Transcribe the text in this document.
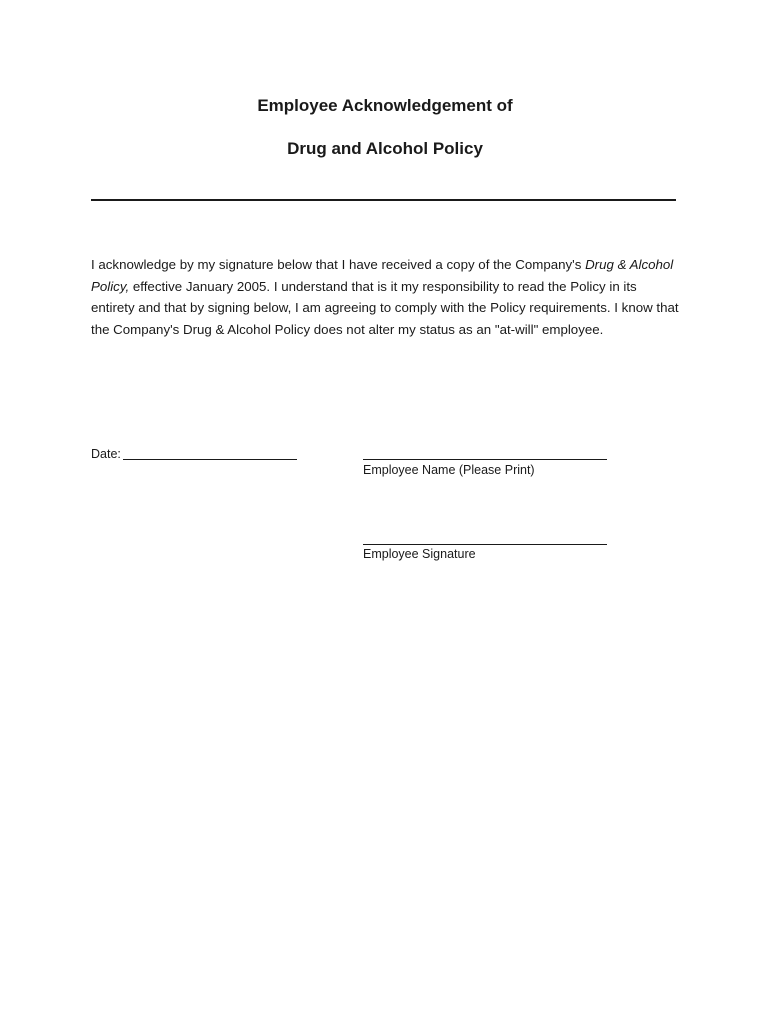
Employee Acknowledgement of
Drug and Alcohol Policy
I acknowledge by my signature below that I have received a copy of the Company's Drug & Alcohol Policy, effective January 2005. I understand that is it my responsibility to read the Policy in its entirety and that by signing below, I am agreeing to comply with the Policy requirements. I know that the Company's Drug & Alcohol Policy does not alter my status as an "at-will" employee.
Date:
Employee Name (Please Print)
Employee Signature
